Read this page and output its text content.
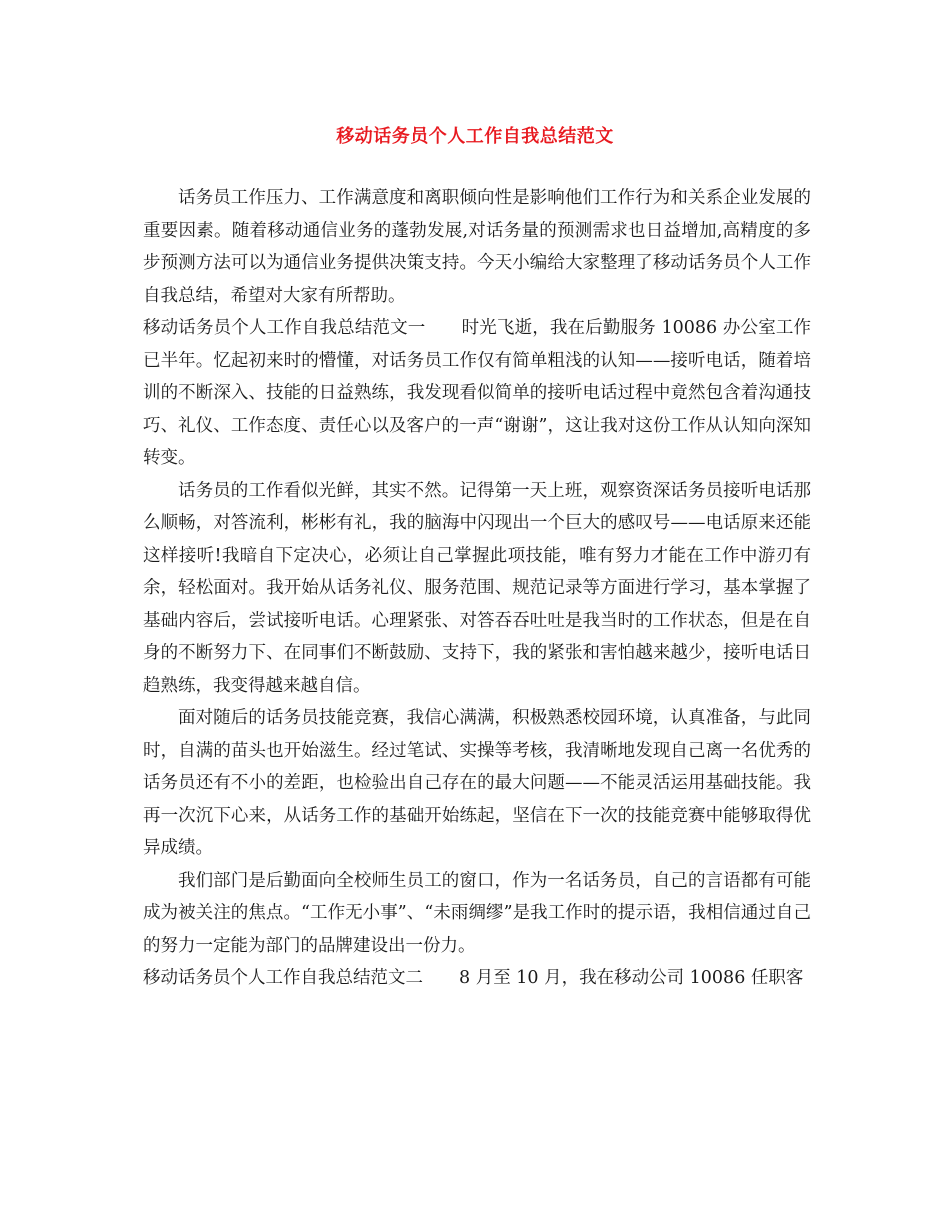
移动话务员个人工作自我总结范文

话务员工作压力、工作满意度和离职倾向性是影响他们工作行为和关系企业发展的重要因素。随着移动通信业务的蓬勃发展,对话务量的预测需求也日益增加,高精度的多步预测方法可以为通信业务提供决策支持。今天小编给大家整理了移动话务员个人工作自我总结，希望对大家有所帮助。

移动话务员个人工作自我总结范文一 时光飞逝，我在后勤服务 10086 办公室工作已半年。忆起初来时的懵懂，对话务员工作仅有简单粗浅的认知——接听电话，随着培训的不断深入、技能的日益熟练，我发现看似简单的接听电话过程中竟然包含着沟通技巧、礼仪、工作态度、责任心以及客户的一声“谢谢”，这让我对这份工作从认知向深知转变。

话务员的工作看似光鲜，其实不然。记得第一天上班，观察资深话务员接听电话那么顺畅，对答流利，彬彬有礼，我的脑海中闪现出一个巨大的感叹号——电话原来还能这样接听!我暗自下定决心，必须让自己掌握此项技能，唯有努力才能在工作中游刃有余，轻松面对。我开始从话务礼仪、服务范围、规范记录等方面进行学习，基本掌握了基础内容后，尝试接听电话。心理紧张、对答吞吞吐吐是我当时的工作状态，但是在自身的不断努力下、在同事们不断鼓励、支持下，我的紧张和害怕越来越少，接听电话日趋熟练，我变得越来越自信。

面对随后的话务员技能竞赛，我信心满满，积极熟悉校园环境，认真准备，与此同时，自满的苗头也开始滋生。经过笔试、实操等考核，我清晰地发现自己离一名优秀的话务员还有不小的差距，也检验出自己存在的最大问题——不能灵活运用基础技能。我再一次沉下心来，从话务工作的基础开始练起，坚信在下一次的技能竞赛中能够取得优异成绩。

我们部门是后勤面向全校师生员工的窗口，作为一名话务员，自己的言语都有可能成为被关注的焦点。“工作无小事”、“未雨绸缪”是我工作时的提示语，我相信通过自己的努力一定能为部门的品牌建设出一份力。

移动话务员个人工作自我总结范文二 8 月至 10 月，我在移动公司 10086 任职客
